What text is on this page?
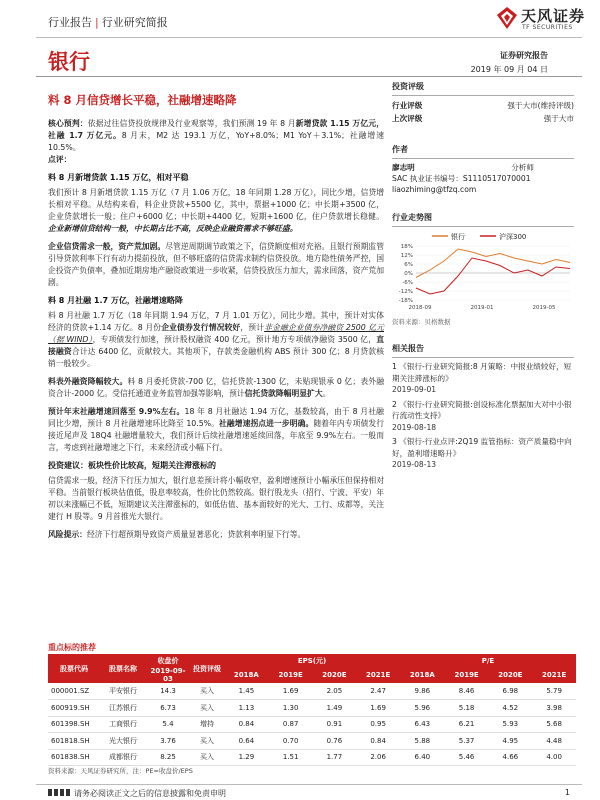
行业报告 | 行业研究简报	天风证券
TF SECURITIES
银行	证券研究报告
2019 年 09 月 04 日
料 8 月信贷增长平稳，社融增速略降

核心预判：依据过往信贷投放规律及行业观察等，我们预测 19 年 8 月新增贷款 1.15 万亿元，社融 1.7 万亿元。8 月末，M2 达 193.1 万亿，YoY+8.0%；M1 YoY＋3.1%；社融增速 10.5%。
点评：

料 8 月新增贷款 1.15 万亿，相对平稳

我们预计 8 月新增贷款 1.15 万亿（7 月 1.06 万亿，18 年同期 1.28 万亿），同比少增，信贷增长相对平稳。从结构来看，料企业贷款+5500 亿，其中，票据+1000 亿；中长期+3500 亿，企业贷款增长一般；住户+6000 亿；中长期+4400 亿，短期+1600 亿，住户贷款增长稳健。企业新增信贷结构一般，中长期占比不高，反映企业融资需求不够旺盛。

企业信贷需求一般，资产荒加剧。尽管逆周期调节政策之下，信贷额度相对充裕。且银行预期监管引导贷款利率下行有动力提前投放，但不够旺盛的信贷需求制约信贷投放。地方隐性债务严控，国企投资产负债率，叠加近期房地产融资政策进一步收紧，信贷投放压力加大，需求回落，资产荒加剧。

料 8 月社融 1.7 万亿，社融增速略降

料 8 月社融 1.7 万亿（18 年同期 1.94 万亿，7 月 1.01 万亿），同比少增。其中，预计对实体经济的贷款+1.14 万亿。8 月份企业债券发行情况较好，预计非金融企业债券净融资 2500 亿元（据 WIND），专项债发行加速，预计股权融资 400 亿元，预计地方专项债净融资 3500 亿，直接融资合计达 6400 亿，贡献较大。其他项下，存款类金融机构 ABS 预计 300 亿；8 月贷款核销一般较少。

料表外融资降幅较大。料 8 月委托贷款-700 亿，信托贷款-1300 亿，未贴现银承 0 亿；表外融资合计-2000 亿。受信托通道业务监管加强等影响，预计信托贷款降幅明显扩大。

预计年末社融增速回落至 9.9%左右。18 年 8 月社融达 1.94 万亿，基数较高，由于 8 月社融同比少增，预计 8 月社融增速环比降至 10.5%。社融增速拐点进一步明确。随着年内专项债发行接近尾声及 18Q4 社融增量较大，我们预计后续社融增速延续回落，年底至 9.9%左右。一般而言，考虑到社融增速之下行，未来经济或小幅下行。

投资建议：板块性价比较高，短期关注滞涨标的

信贷需求一般，经济下行压力加大，银行息差预计将小幅收窄，盈利增速预计小幅承压但保持相对平稳。当前银行板块估值低，股息率较高，性价比仍然较高。银行股龙头（招行、宁波、平安）年初以来涨幅已不低，短期建议关注滞涨标的，如低估值、基本面较好的光大、工行、成都等，关注建行 H 股等。9 月首推光大银行。

风险提示：经济下行超预期导致资产质量显著恶化；贷款利率明显下行等。

投资评级
行业评级	强于大市(维持评级)
上次评级	强于大市
作者
廖志明	分析师
SAC 执业证书编号：S1110517070001
liaozhiming@tfzq.com
行业走势图
银行	沪深300
18%
12%
6%
0%
-6%
-12%
-18%
2018-09	2019-01	2019-05
资料来源：贝格数据
相关报告
1 《银行-行业研究简报:8 月策略：中报业绩较好，短期关注滞涨标的》
2019-09-01
2 《银行-行业研究简报:创设标准化票据加大对中小银行流动性支持》
2019-08-18
3 《银行-行业点评:2Q19 监管指标：资产质量稳中向好，盈利增速略升》
2019-08-13
重点标的推荐
股票代码	股票名称	收盘价	投资评级	EPS(元)				P/E			
		2019-09-03		2018A	2019E	2020E	2021E	2018A	2019E	2020E	2021E
000001.SZ	平安银行	14.3	买入	1.45	1.69	2.05	2.47	9.86	8.46	6.98	5.79
600919.SH	江苏银行	6.73	买入	1.13	1.30	1.49	1.69	5.96	5.18	4.52	3.98
601398.SH	工商银行	5.4	增持	0.84	0.87	0.91	0.95	6.43	6.21	5.93	5.68
601818.SH	光大银行	3.76	买入	0.64	0.70	0.76	0.84	5.88	5.37	4.95	4.48
601838.SH	成都银行	8.25	买入	1.29	1.51	1.77	2.06	6.40	5.46	4.66	4.00
资料来源：天风证券研究所，注：PE=收盘价/EPS
请务必阅读正文之后的信息披露和免责申明	1
